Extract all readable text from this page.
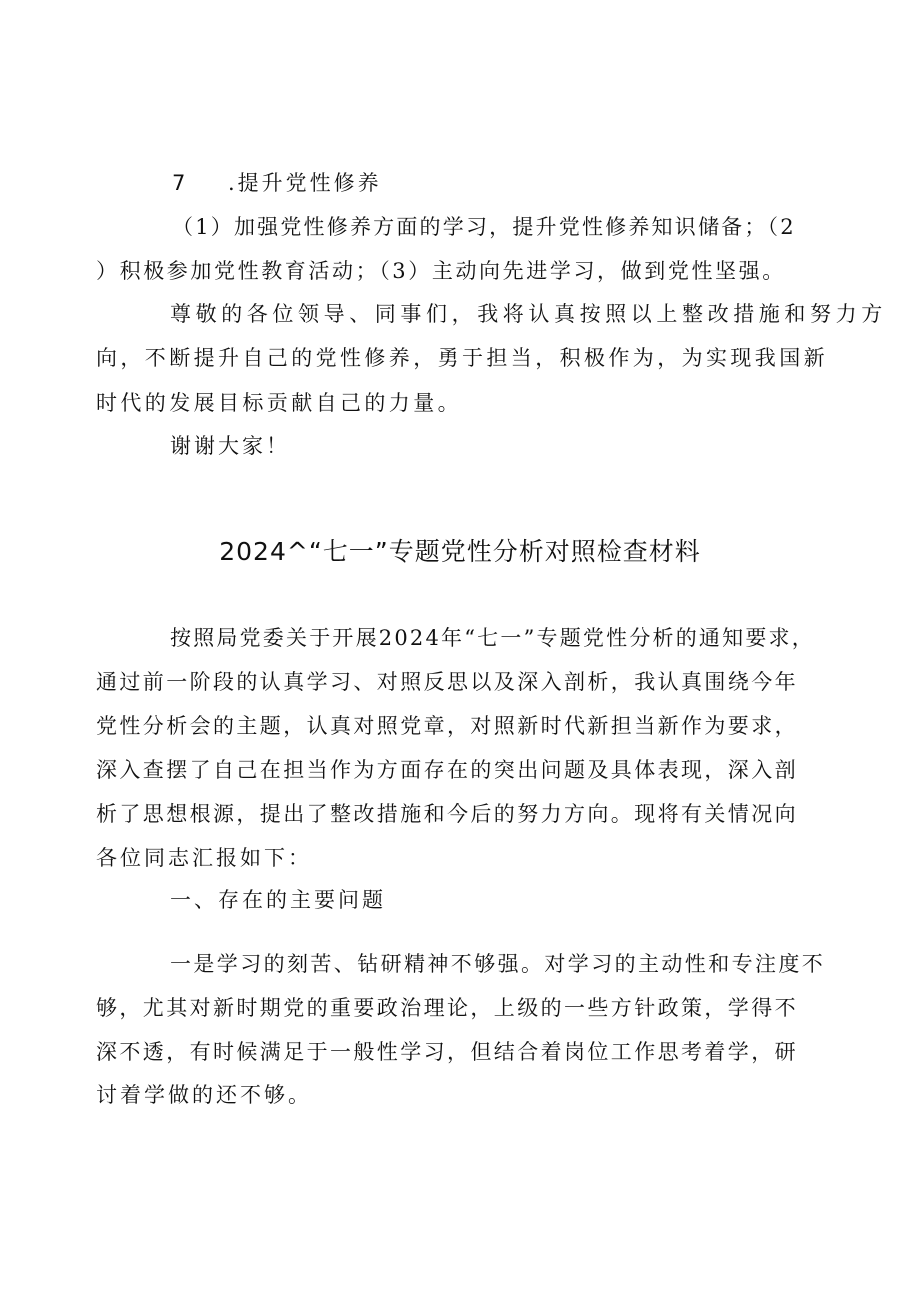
7 .提升党性修养
（1）加强党性修养方面的学习，提升党性修养知识储备；（2
）积极参加党性教育活动；（3）主动向先进学习，做到党性坚强。
尊敬的各位领导、同事们，我将认真按照以上整改措施和努力方
向，不断提升自己的党性修养，勇于担当，积极作为，为实现我国新
时代的发展目标贡献自己的力量。
谢谢大家！
2024^“七一”专题党性分析对照检查材料
按照局党委关于开展2024年“七一”专题党性分析的通知要求，
通过前一阶段的认真学习、对照反思以及深入剖析，我认真围绕今年
党性分析会的主题，认真对照党章，对照新时代新担当新作为要求，
深入查摆了自己在担当作为方面存在的突出问题及具体表现，深入剖
析了思想根源，提出了整改措施和今后的努力方向。现将有关情况向
各位同志汇报如下：
一、存在的主要问题
一是学习的刻苦、钻研精神不够强。对学习的主动性和专注度不
够，尤其对新时期党的重要政治理论，上级的一些方针政策，学得不
深不透，有时候满足于一般性学习，但结合着岗位工作思考着学，研
讨着学做的还不够。
